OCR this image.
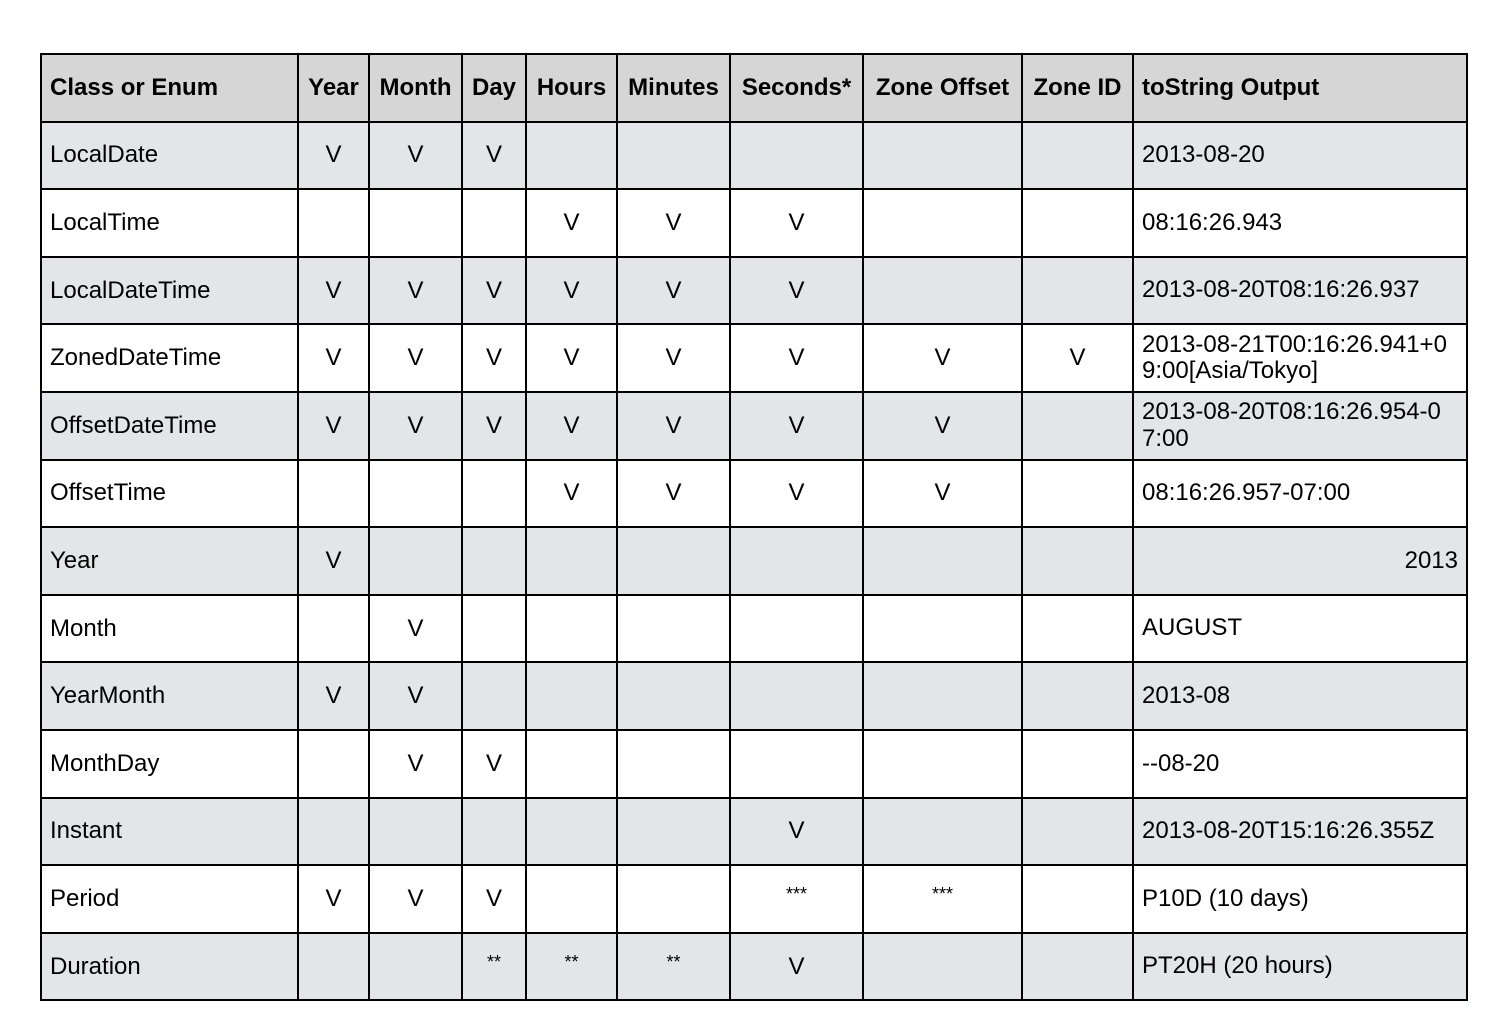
Class or Enum	Year	Month	Day	Hours	Minutes	Seconds*	Zone Offset	Zone ID	toString Output
LocalDate	V	V	V						2013-08-20
LocalTime				V	V	V			08:16:26.943
LocalDateTime	V	V	V	V	V	V			2013-08-20T08:16:26.937
ZonedDateTime	V	V	V	V	V	V	V	V	2013-08-21T00:16:26.941+09:00[Asia/Tokyo]
OffsetDateTime	V	V	V	V	V	V	V		2013-08-20T08:16:26.954-07:00
OffsetTime				V	V	V	V		08:16:26.957-07:00
Year	V								2013
Month		V							AUGUST
YearMonth	V	V							2013-08
MonthDay		V	V						--08-20
Instant						V			2013-08-20T15:16:26.355Z
Period	V	V	V			***	***		P10D (10 days)
Duration			**	**	**	V			PT20H (20 hours)
